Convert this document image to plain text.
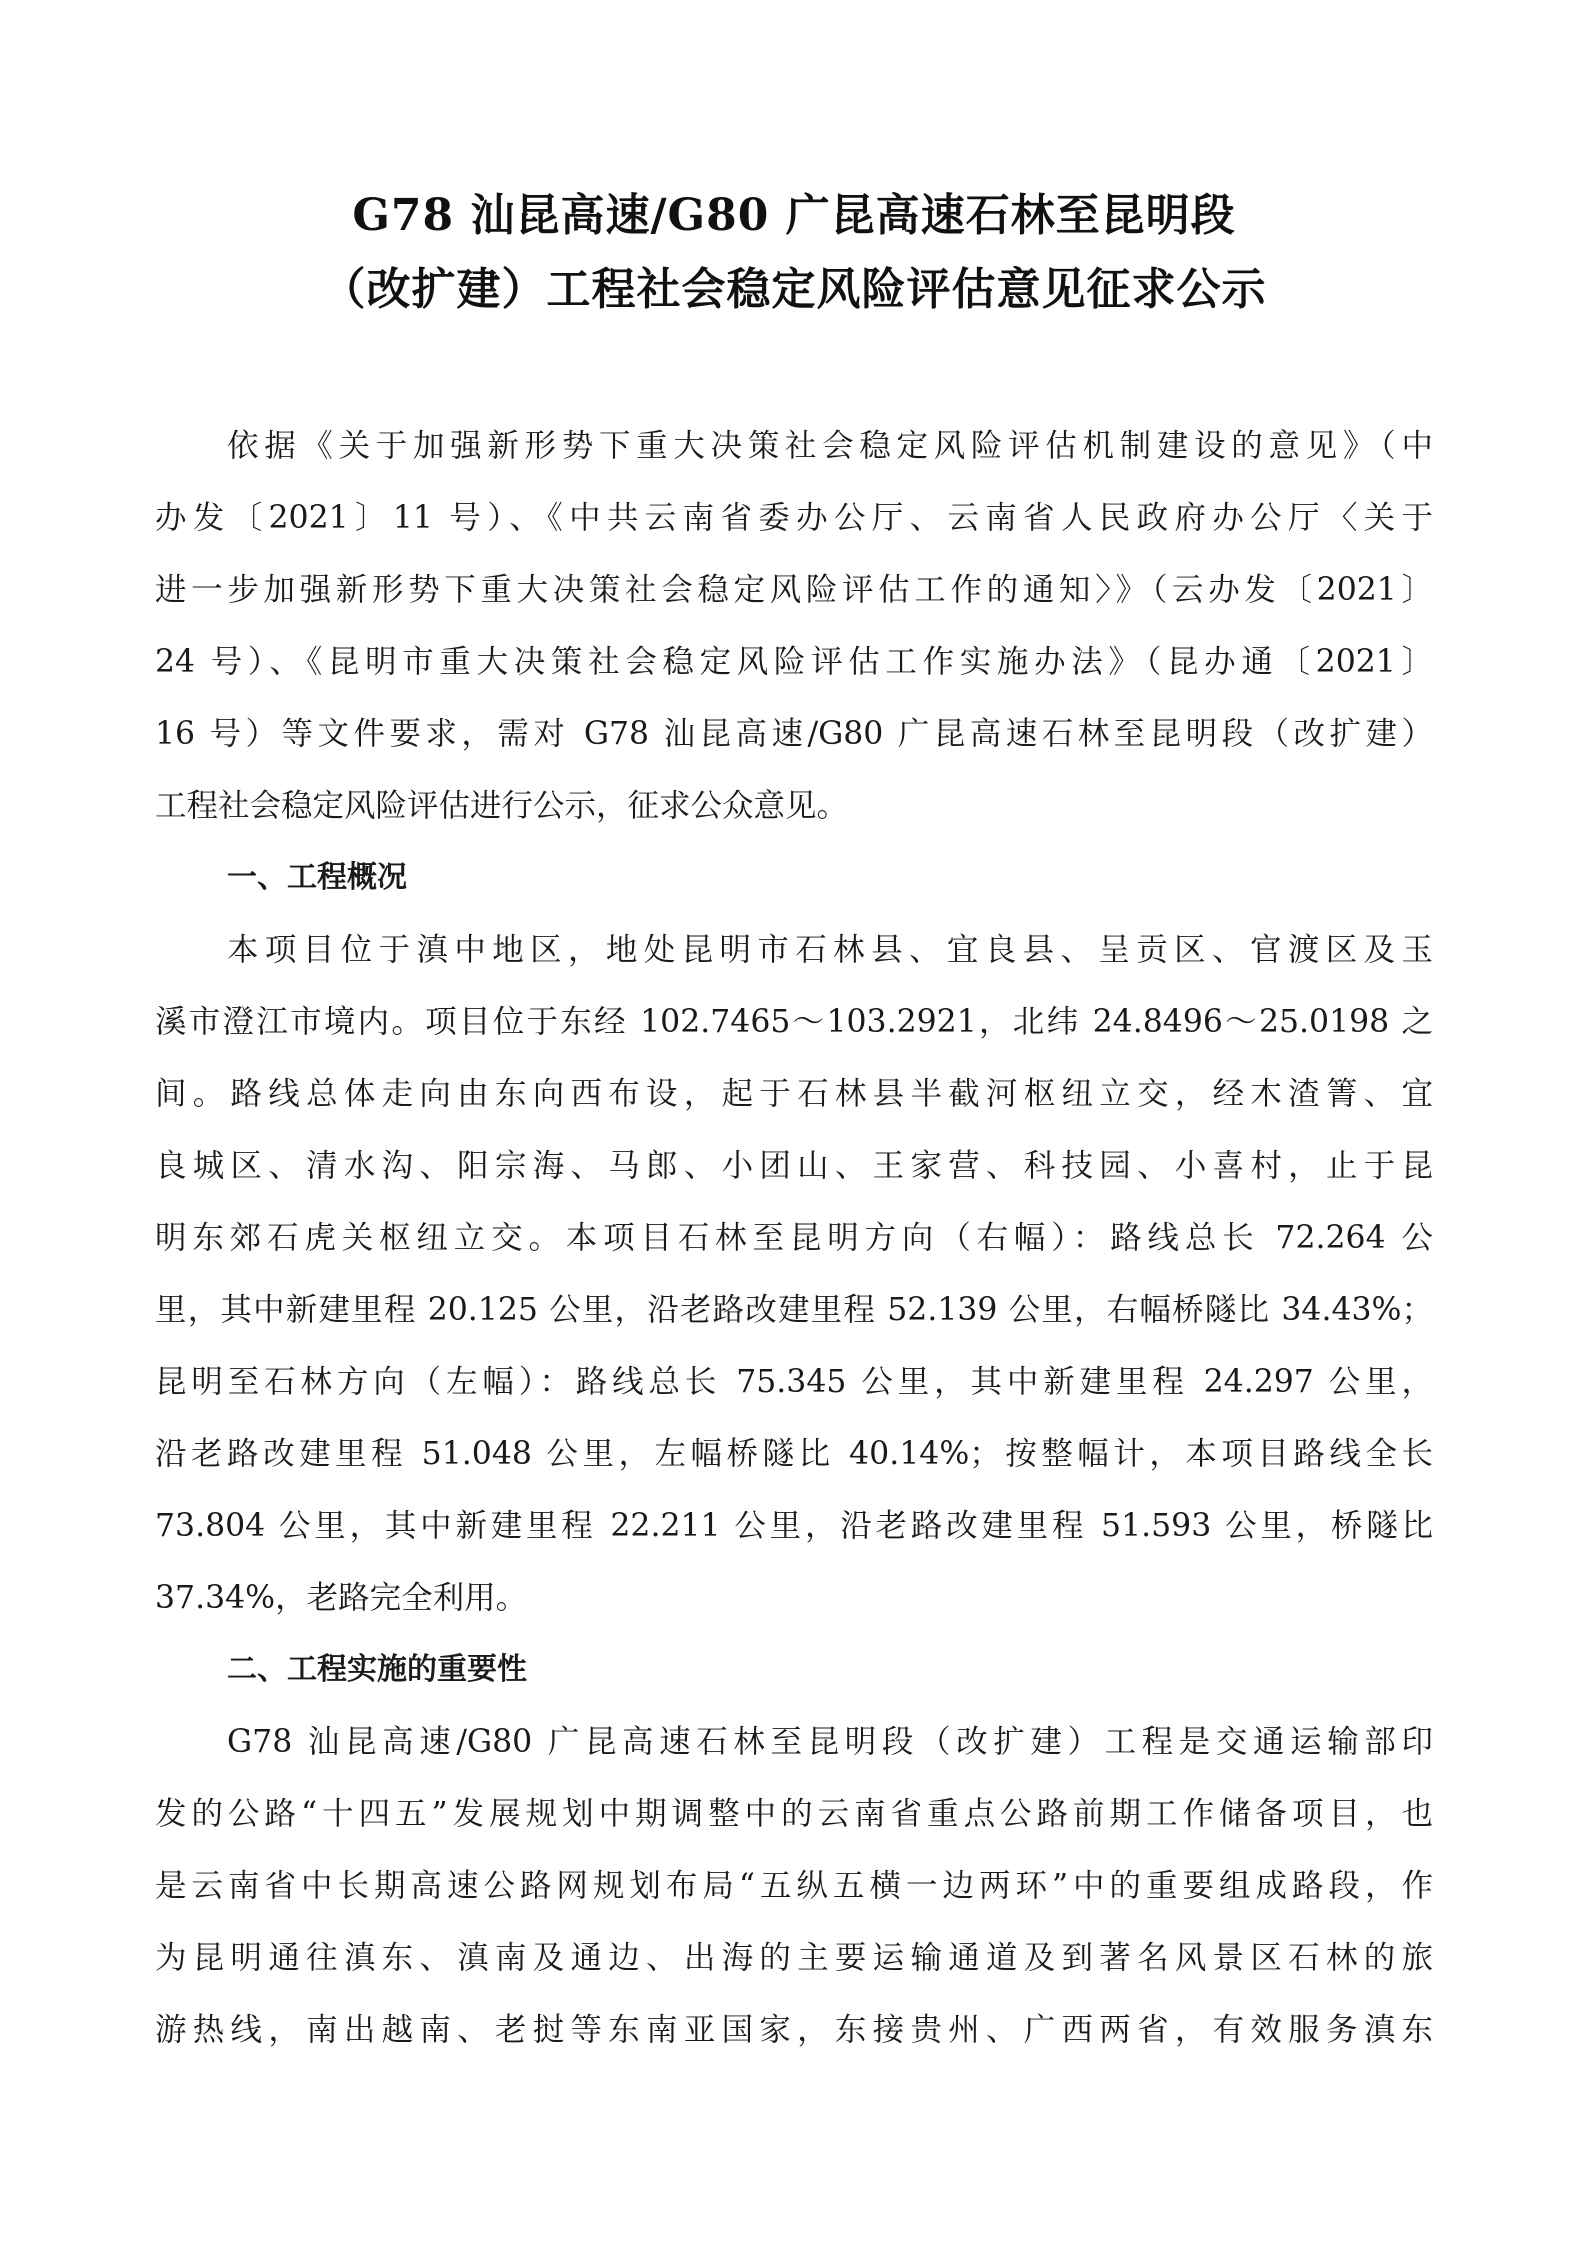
G78 汕昆高速/G80 广昆高速石林至昆明段
（改扩建）工程社会稳定风险评估意见征求公示
依据《关于加强新形势下重大决策社会稳定风险评估机制建设的意见》（中
办发〔2021〕11 号）、《中共云南省委办公厅、云南省人民政府办公厅〈关于
进一步加强新形势下重大决策社会稳定风险评估工作的通知〉》（云办发〔2021〕
24 号）、《昆明市重大决策社会稳定风险评估工作实施办法》（昆办通〔2021〕
16 号）等文件要求，需对 G78 汕昆高速/G80 广昆高速石林至昆明段（改扩建）
工程社会稳定风险评估进行公示，征求公众意见。
一、工程概况
本项目位于滇中地区，地处昆明市石林县、宜良县、呈贡区、官渡区及玉
溪市澄江市境内。项目位于东经 102.7465～103.2921，北纬 24.8496～25.0198 之
间。路线总体走向由东向西布设，起于石林县半截河枢纽立交，经木渣箐、宜
良城区、清水沟、阳宗海、马郎、小团山、王家营、科技园、小喜村，止于昆
明东郊石虎关枢纽立交。本项目石林至昆明方向（右幅）：路线总长 72.264 公
里，其中新建里程 20.125 公里，沿老路改建里程 52.139 公里，右幅桥隧比 34.43%；
昆明至石林方向（左幅）：路线总长 75.345 公里，其中新建里程 24.297 公里，
沿老路改建里程 51.048 公里，左幅桥隧比 40.14%；按整幅计，本项目路线全长
73.804 公里，其中新建里程 22.211 公里，沿老路改建里程 51.593 公里，桥隧比
37.34%，老路完全利用。
二、工程实施的重要性
G78 汕昆高速/G80 广昆高速石林至昆明段（改扩建）工程是交通运输部印
发的公路“十四五”发展规划中期调整中的云南省重点公路前期工作储备项目，也
是云南省中长期高速公路网规划布局“五纵五横一边两环”中的重要组成路段，作
为昆明通往滇东、滇南及通边、出海的主要运输通道及到著名风景区石林的旅
游热线，南出越南、老挝等东南亚国家，东接贵州、广西两省，有效服务滇东
